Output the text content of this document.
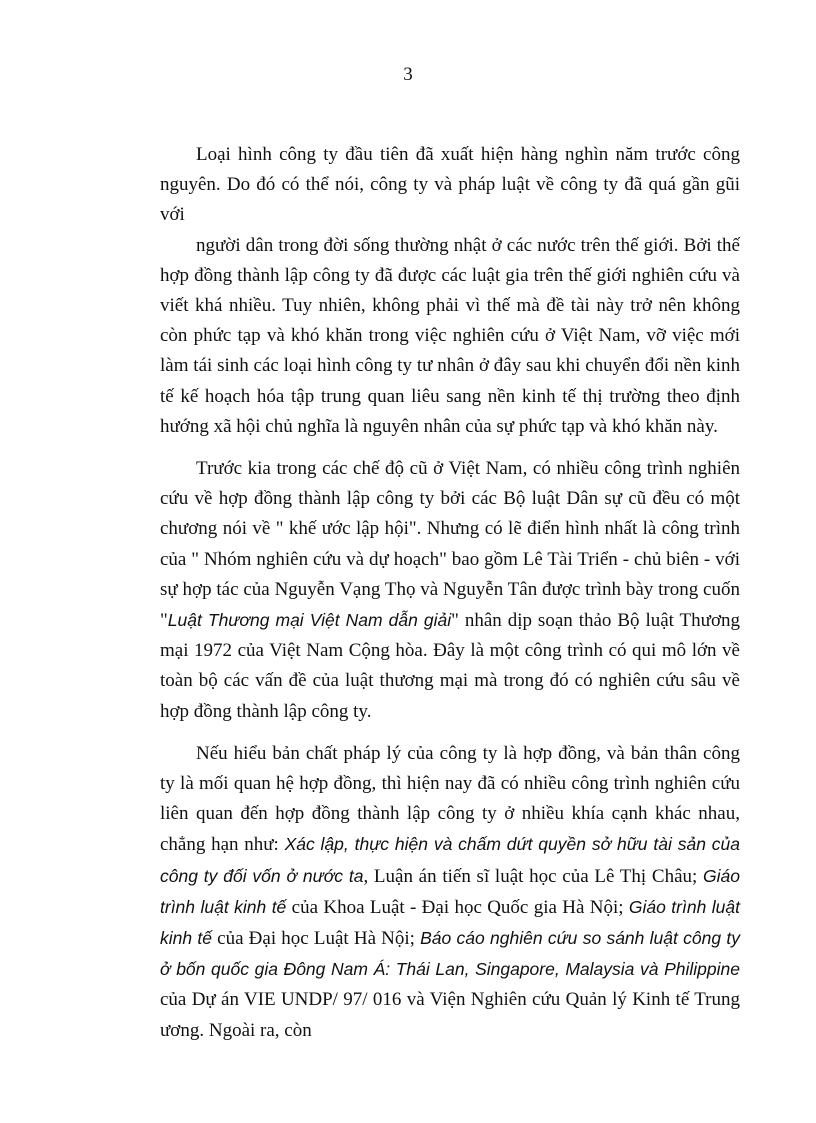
3

Loại hình công ty đầu tiên đã xuất hiện hàng nghìn năm trước công nguyên. Do đó có thể nói, công ty và pháp luật về công ty đã quá gần gũi với

người dân trong đời sống thường nhật ở các nước trên thế giới. Bởi thế hợp đồng thành lập công ty đã được các luật gia trên thế giới nghiên cứu và viết khá nhiều. Tuy nhiên, không phải vì thế mà đề tài này trở nên không còn phức tạp và khó khăn trong việc nghiên cứu ở Việt Nam, vỡ việc mới làm tái sinh các loại hình công ty tư nhân ở đây sau khi chuyển đổi nền kinh tế kế hoạch hóa tập trung quan liêu sang nền kinh tế thị trường theo định hướng xã hội chủ nghĩa là nguyên nhân của sự phức tạp và khó khăn này.

Trước kia trong các chế độ cũ ở Việt Nam, có nhiều công trình nghiên cứu về hợp đồng thành lập công ty bởi các Bộ luật Dân sự cũ đều có một chương nói về " khế ước lập hội". Nhưng có lẽ điển hình nhất là công trình của " Nhóm nghiên cứu và dự hoạch" bao gồm Lê Tài Triển - chủ biên - với sự hợp tác của Nguyễn Vạng Thọ và Nguyễn Tân được trình bày trong cuốn "Luật Thương mại Việt Nam dẫn giải" nhân dịp soạn thảo Bộ luật Thương mại 1972 của Việt Nam Cộng hòa. Đây là một công trình có qui mô lớn về toàn bộ các vấn đề của luật thương mại mà trong đó có nghiên cứu sâu về hợp đồng thành lập công ty.

Nếu hiểu bản chất pháp lý của công ty là hợp đồng, và bản thân công ty là mối quan hệ hợp đồng, thì hiện nay đã có nhiều công trình nghiên cứu liên quan đến hợp đồng thành lập công ty ở nhiều khía cạnh khác nhau, chẳng hạn như: Xác lập, thực hiện và chấm dứt quyền sở hữu tài sản của công ty đối vốn ở nước ta, Luận án tiến sĩ luật học của Lê Thị Châu; Giáo trình luật kinh tế của Khoa Luật - Đại học Quốc gia Hà Nội; Giáo trình luật kinh tế của Đại học Luật Hà Nội; Báo cáo nghiên cứu so sánh luật công ty ở bốn quốc gia Đông Nam Á: Thái Lan, Singapore, Malaysia và Philippine của Dự án VIE UNDP/ 97/ 016 và Viện Nghiên cứu Quản lý Kinh tế Trung ương. Ngoài ra, còn
